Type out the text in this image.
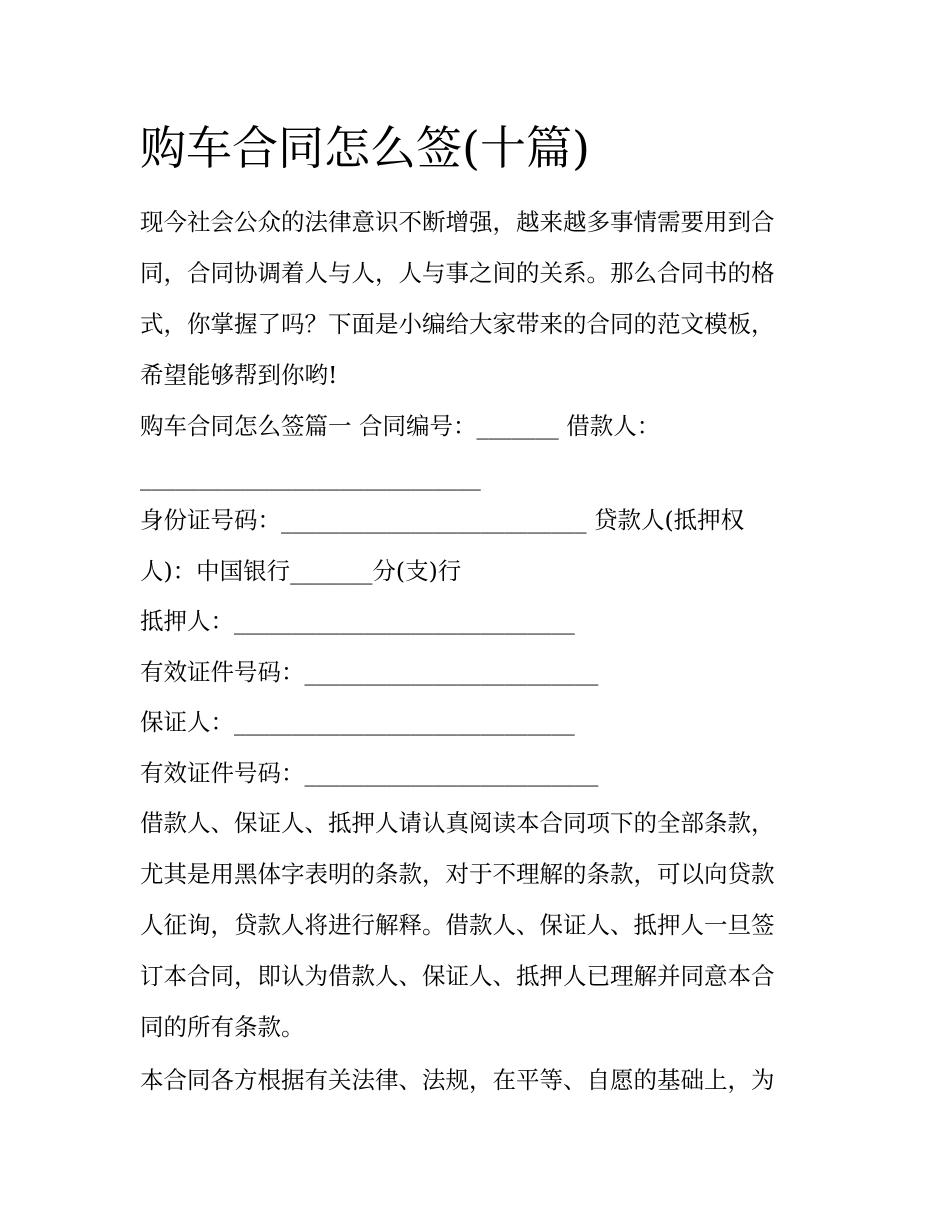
购车合同怎么签(十篇)
现今社会公众的法律意识不断增强，越来越多事情需要用到合
同，合同协调着人与人，人与事之间的关系。那么合同书的格
式，你掌握了吗？下面是小编给大家带来的合同的范文模板，
希望能够帮到你哟!
购车合同怎么签篇一 合同编号：_______ 借款人：
_____________________________
身份证号码：__________________________ 贷款人(抵押权
人)：中国银行_______分(支)行
抵押人：_____________________________
有效证件号码：_________________________
保证人：_____________________________
有效证件号码：_________________________
借款人、保证人、抵押人请认真阅读本合同项下的全部条款，
尤其是用黑体字表明的条款，对于不理解的条款，可以向贷款
人征询，贷款人将进行解释。借款人、保证人、抵押人一旦签
订本合同，即认为借款人、保证人、抵押人已理解并同意本合
同的所有条款。
本合同各方根据有关法律、法规，在平等、自愿的基础上，为
